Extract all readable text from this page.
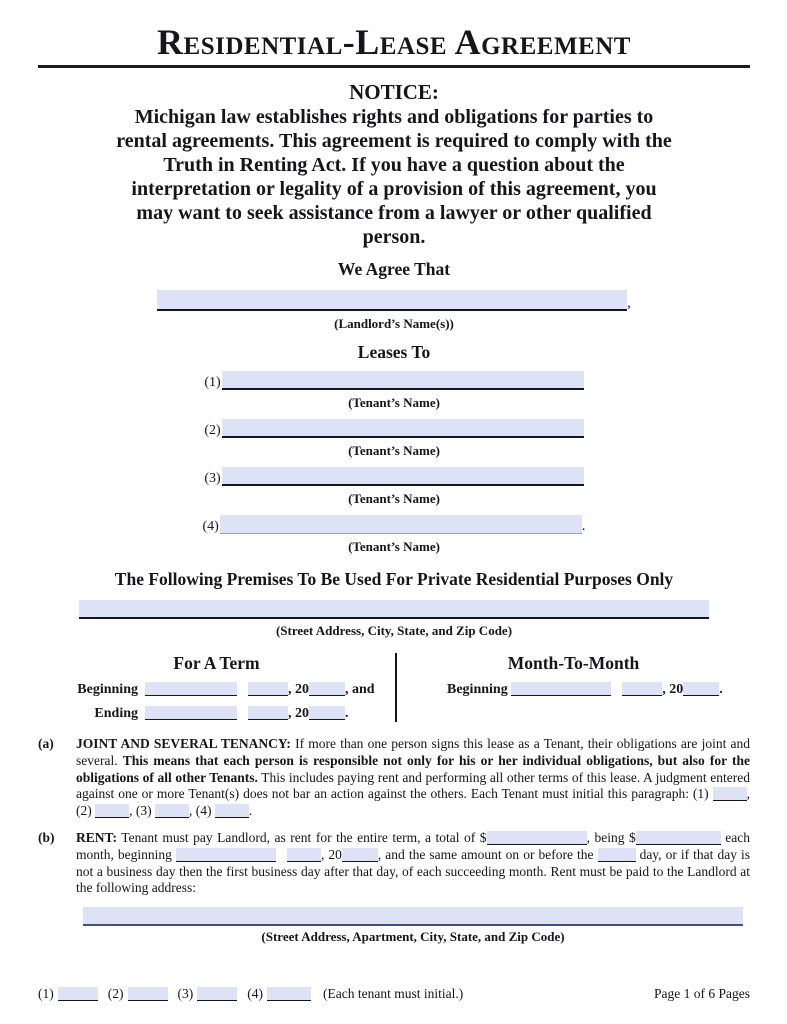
Residential-Lease Agreement
NOTICE:
Michigan law establishes rights and obligations for parties to
rental agreements. This agreement is required to comply with the
Truth in Renting Act. If you have a question about the
interpretation or legality of a provision of this agreement, you
may want to seek assistance from a lawyer or other qualified
person.
We Agree That
,
(Landlord’s Name(s))
Leases To
(1)
(Tenant’s Name)
(2)
(Tenant’s Name)
(3)
(Tenant’s Name)
(4)	.
(Tenant’s Name)
The Following Premises To Be Used For Private Residential Purposes Only
(Street Address, City, State, and Zip Code)
For A Term
Beginning	, 20	, and
Ending	, 20	.
Month-To-Month
Beginning	, 20	.
(a)	JOINT AND SEVERAL TENANCY: If more than one person signs this lease as a Tenant, their obligations are joint and several. This means that each person is responsible not only for his or her individual obligations, but also for the obligations of all other Tenants. This includes paying rent and performing all other terms of this lease. A judgment entered against one or more Tenant(s) does not bar an action against the others. Each Tenant must initial this paragraph: (1)	, (2)	, (3)	, (4)	.
(b)	RENT: Tenant must pay Landlord, as rent for the entire term, a total of $	, being $	each month, beginning	, 20	, and the same amount on or before the	day, or if that day is not a business day then the first business day after that day, of each succeeding month. Rent must be paid to the Landlord at the following address:
(Street Address, Apartment, City, State, and Zip Code)
(1)	(2)	(3)	(4)	(Each tenant must initial.)	Page 1 of 6 Pages
